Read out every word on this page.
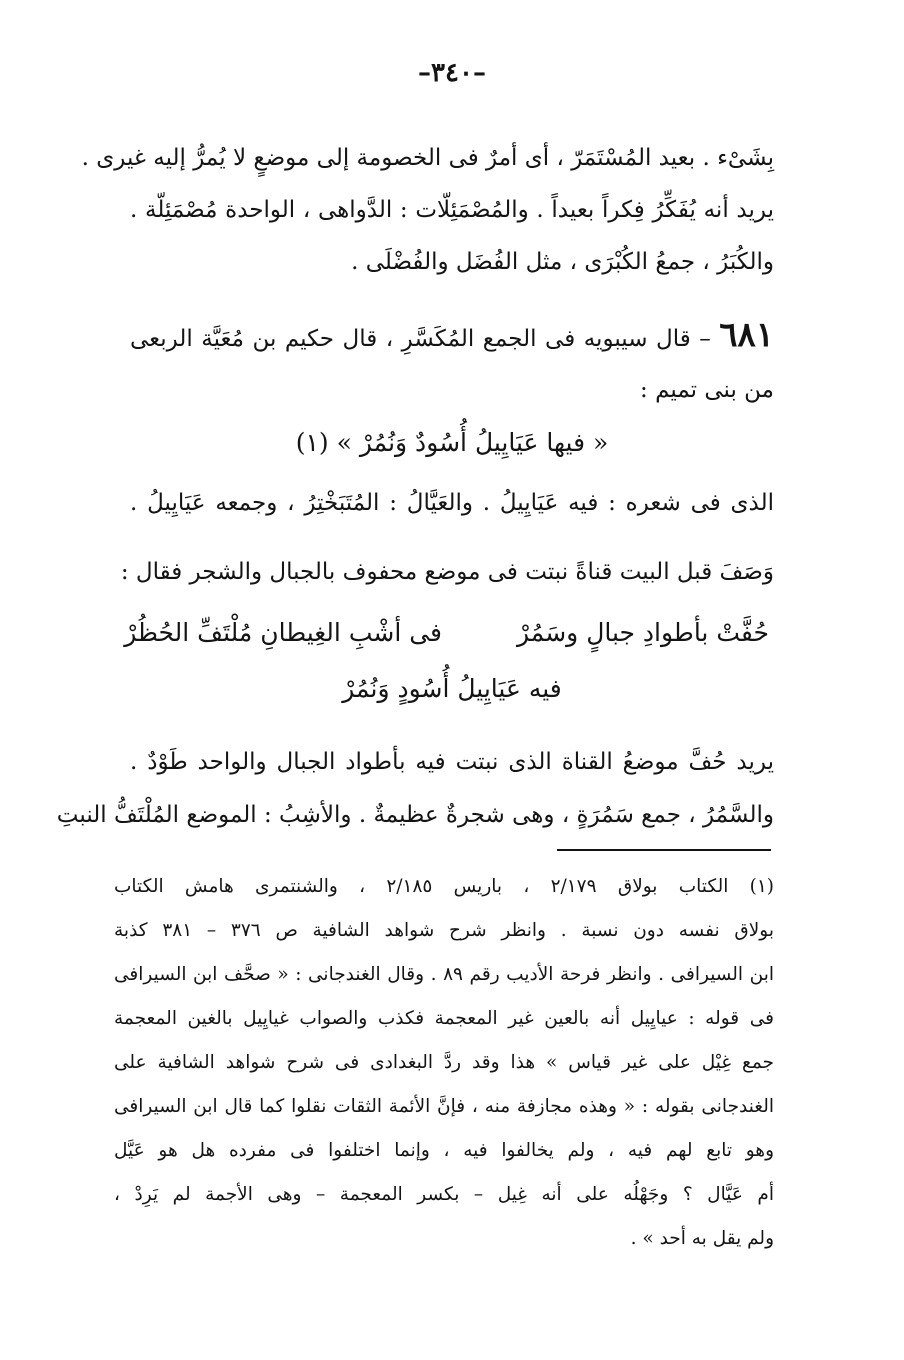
–٣٤٠–
بِشَىْء . بعيد المُسْتَمَرّ ، أى أمرٌ فى الخصومة إلى موضعٍ لا يُمرُّ إليه غيرى .
يريد أنه يُفَكِّرُ فِكراً بعيداً . والمُصْمَئِلّات : الدَّواهى ، الواحدة مُصْمَئِلّة .
والكُبَرُ ، جمعُ الكُبْرَى ، مثل الفُضَل والفُضْلَى .
٦٨١ – قال سيبويه فى الجمع المُكَسَّرِ ، قال حكيم بن مُعَيَّة الربعى
من بنى تميم :
« فيها عَيَايِيلُ أُسُودٌ وَنُمُرْ » (١)
الذى فى شعره : فيه عَيَايِيلُ . والعَيَّالُ : المُتَبَخْتِرُ ، وجمعه عَيَايِيلُ .
وَصَفَ قبل البيت قناةً نبتت فى موضع محفوف بالجبال والشجر فقال :
حُفَّتْ بأطوادِ جبالٍ وسَمُرْ
فى أشْبِ الغِيطانِ مُلْتَفِّ الحُظُرْ
فيه عَيَايِيلُ أُسُودٍ وَنُمُرْ
يريد حُفَّ موضعُ القناة الذى نبتت فيه بأطواد الجبال والواحد طَوْدٌ .
والسَّمُرُ ، جمع سَمُرَةٍ ، وهى شجرةٌ عظيمةٌ . والأشِبُ : الموضع المُلْتَفُّ النبتِ
(١) الكتاب بولاق ٢/١٧٩ ، باريس ٢/١٨٥ ، والشنتمرى هامش الكتاب
بولاق نفسه دون نسبة . وانظر شرح شواهد الشافية ص ٣٧٦ – ٣٨١ كذبة
ابن السيرافى . وانظر فرحة الأديب رقم ٨٩ . وقال الغندجانى : « صحَّف ابن السيرافى
فى قوله : عيايِيل أنه بالعين غير المعجمة فكذب والصواب غيايِيل بالغين المعجمة
جمع غِيْل على غير قياس » هذا وقد ردَّ البغدادى فى شرح شواهد الشافية على
الغندجانى بقوله : « وهذه مجازفة منه ، فإنَّ الأئمة الثقات نقلوا كما قال ابن السيرافى
وهو تابع لهم فيه ، ولم يخالفوا فيه ، وإنما اختلفوا فى مفرده هل هو عَيَّل
أم عَيَّال ؟ وجَهْلُه على أنه غِيل – بكسر المعجمة – وهى الأجمة لم يَرِدْ ،
ولم يقل به أحد » .
